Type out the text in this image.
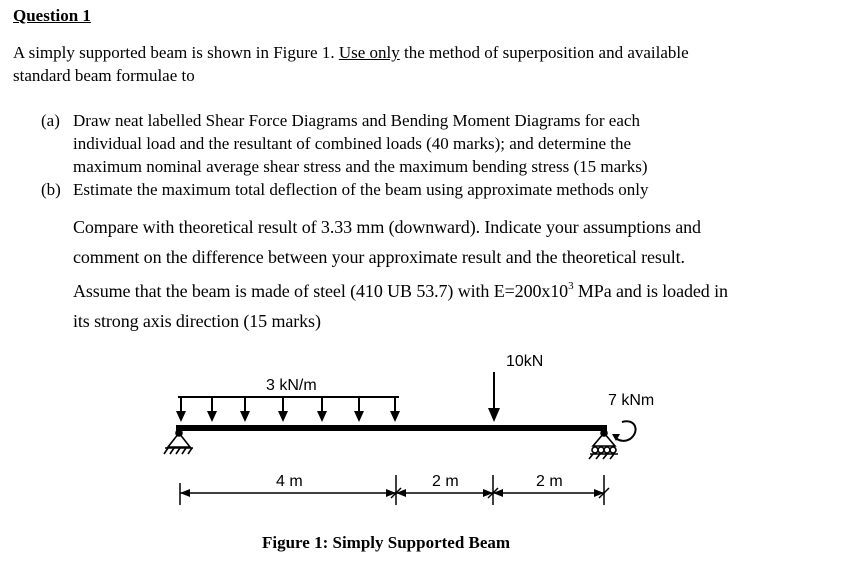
Question 1
A simply supported beam is shown in Figure 1. Use only the method of superposition and available
standard beam formulae to
(a) Draw neat labelled Shear Force Diagrams and Bending Moment Diagrams for each
individual load and the resultant of combined loads (40 marks); and determine the
maximum nominal average shear stress and the maximum bending stress (15 marks)
(b) Estimate the maximum total deflection of the beam using approximate methods only
Compare with theoretical result of 3.33 mm (downward). Indicate your assumptions and
comment on the difference between your approximate result and the theoretical result.
Assume that the beam is made of steel (410 UB 53.7) with $E=200x10^3$ MPa and is loaded in
its strong axis direction (15 marks)
3 kN/m
10kN
7 kNm
4 m	2 m	2 m
Figure 1: Simply Supported Beam
